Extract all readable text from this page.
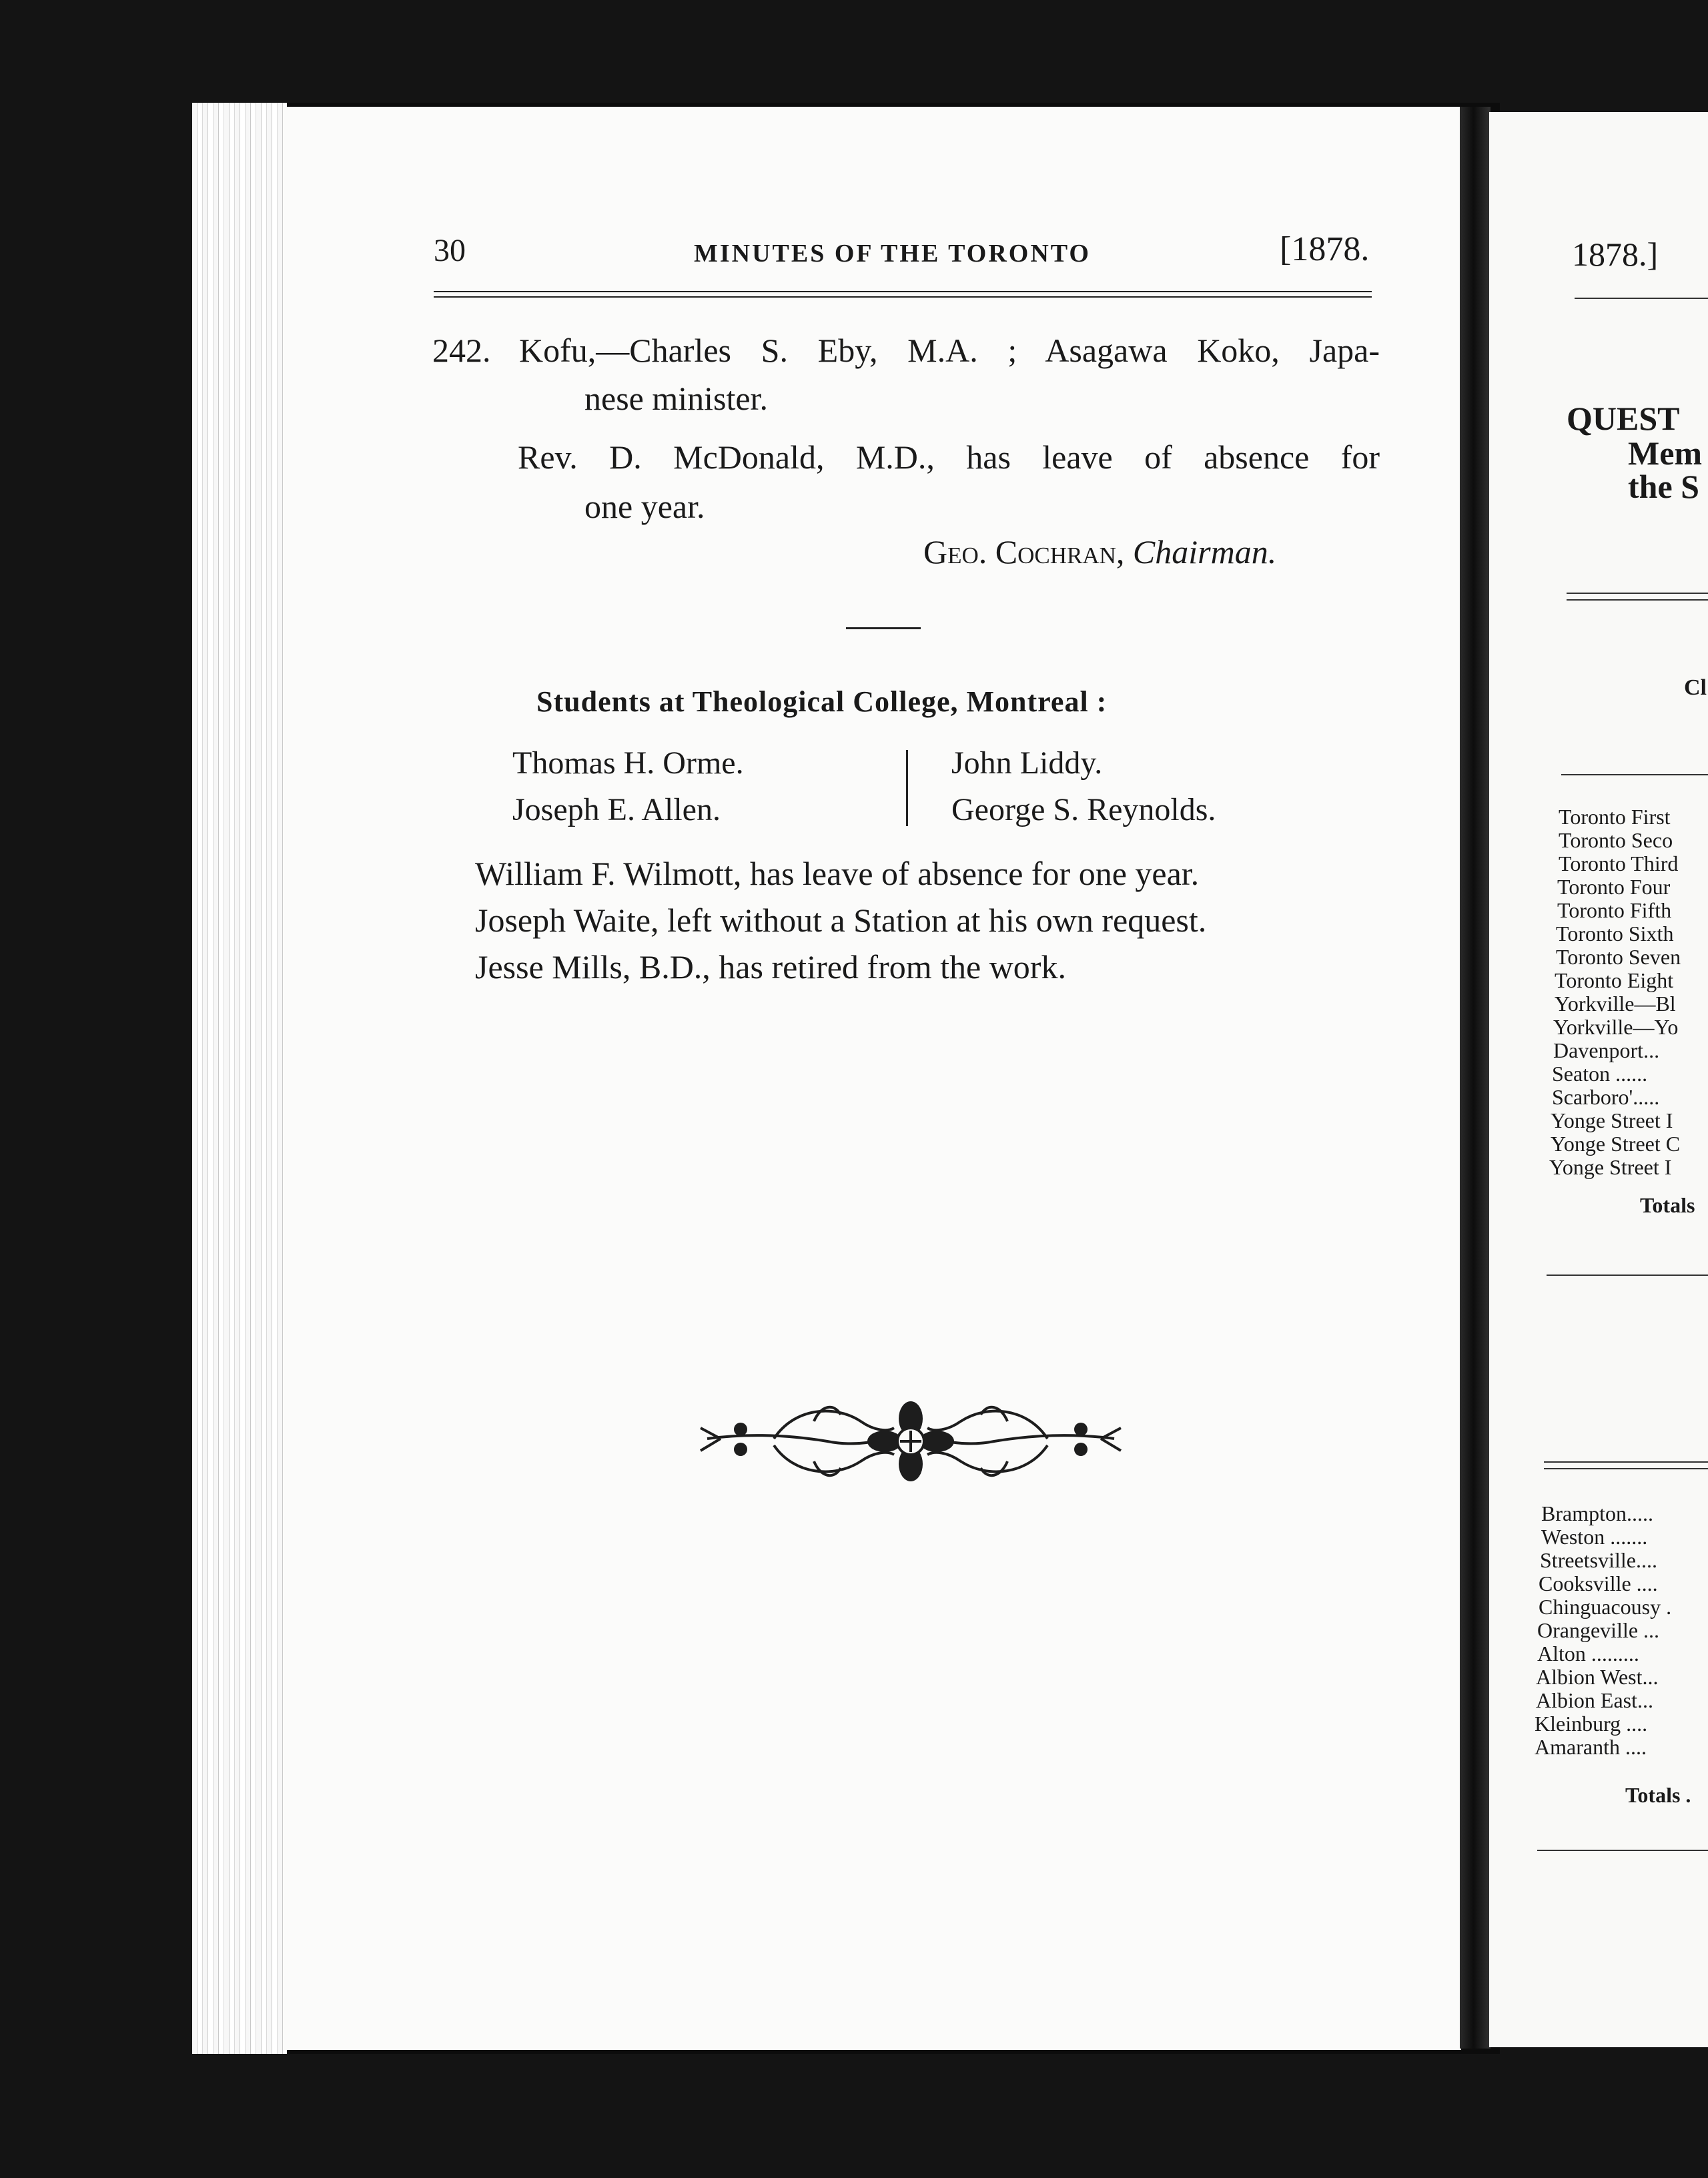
30	MINUTES OF THE TORONTO	[1878.
242. Kofu,—Charles S. Eby, M.A. ; Asagawa Koko, Japa-
nese minister.
Rev. D. McDonald, M.D., has leave of absence for
one year.
Geo. Cochran, Chairman.
Students at Theological College, Montreal :
Thomas H. Orme.	John Liddy.
Joseph E. Allen.	George S. Reynolds.
William F. Wilmott, has leave of absence for one year.
Joseph Waite, left without a Station at his own request.
Jesse Mills, B.D., has retired from the work.
1878.]
QUEST
Mem
the S
Cl
Toronto First
Toronto Seco
Toronto Third
Toronto Four
Toronto Fifth
Toronto Sixth
Toronto Seven
Toronto Eight
Yorkville—Bl
Yorkville—Yo
Davenport...
Seaton ......
Scarboro'.....
Yonge Street I
Yonge Street C
Yonge Street I
Totals
Brampton.....
Weston .......
Streetsville....
Cooksville ....
Chinguacousy .
Orangeville ...
Alton .........
Albion West...
Albion East...
Kleinburg ....
Amaranth ....
Totals .
